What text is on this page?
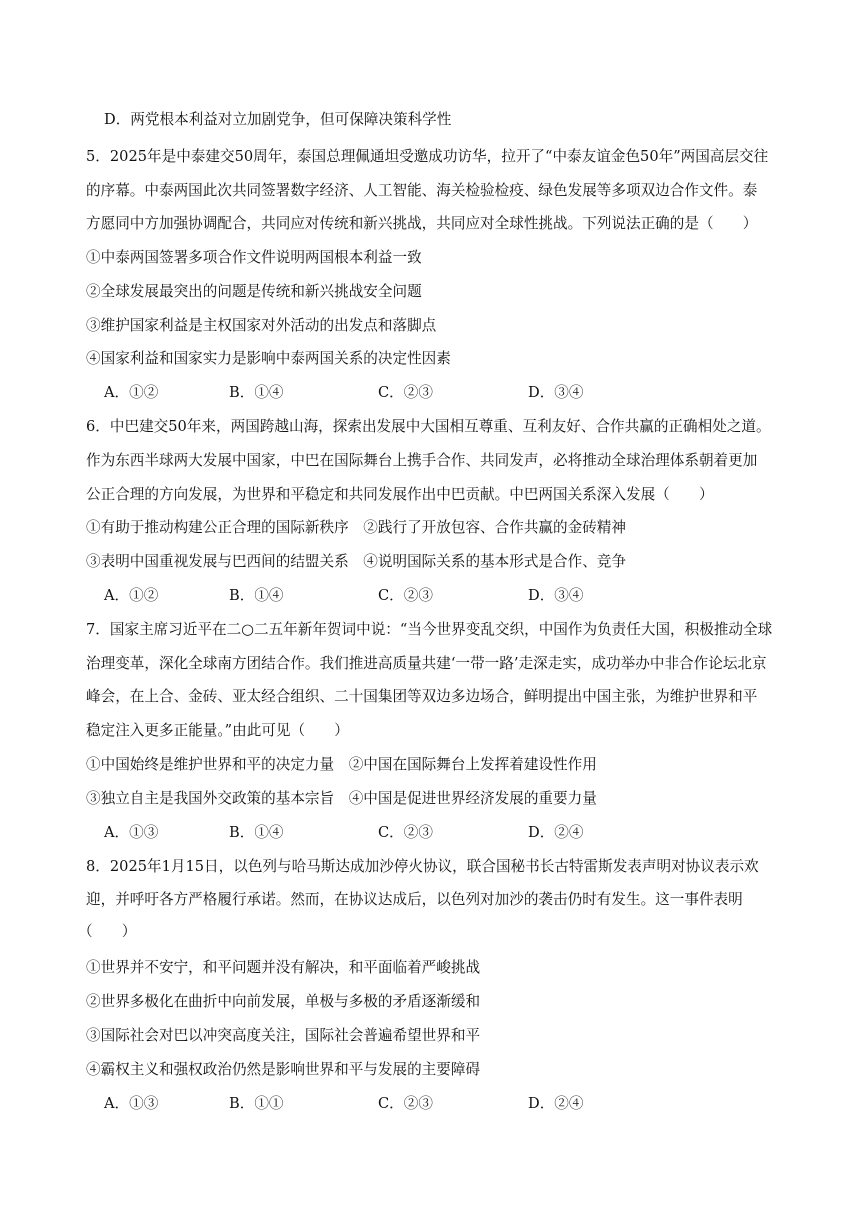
D．两党根本利益对立加剧党争，但可保障决策科学性
5．2025年是中泰建交50周年，泰国总理佩通坦受邀成功访华，拉开了“中泰友谊金色50年”两国高层交往
的序幕。中泰两国此次共同签署数字经济、人工智能、海关检验检疫、绿色发展等多项双边合作文件。泰
方愿同中方加强协调配合，共同应对传统和新兴挑战，共同应对全球性挑战。下列说法正确的是（　　）
①中泰两国签署多项合作文件说明两国根本利益一致
②全球发展最突出的问题是传统和新兴挑战安全问题
③维护国家利益是主权国家对外活动的出发点和落脚点
④国家利益和国家实力是影响中泰两国关系的决定性因素
A．①②	B．①④	C．②③	D．③④
6．中巴建交50年来，两国跨越山海，探索出发展中大国相互尊重、互利友好、合作共赢的正确相处之道。
作为东西半球两大发展中国家，中巴在国际舞台上携手合作、共同发声，必将推动全球治理体系朝着更加
公正合理的方向发展，为世界和平稳定和共同发展作出中巴贡献。中巴两国关系深入发展（　　）
①有助于推动构建公正合理的国际新秩序　②践行了开放包容、合作共赢的金砖精神
③表明中国重视发展与巴西间的结盟关系　④说明国际关系的基本形式是合作、竞争
A．①②	B．①④	C．②③	D．③④
7．国家主席习近平在二○二五年新年贺词中说：“当今世界变乱交织，中国作为负责任大国，积极推动全球
治理变革，深化全球南方团结合作。我们推进高质量共建‘一带一路’走深走实，成功举办中非合作论坛北京
峰会，在上合、金砖、亚太经合组织、二十国集团等双边多边场合，鲜明提出中国主张，为维护世界和平
稳定注入更多正能量。”由此可见（　　）
①中国始终是维护世界和平的决定力量　②中国在国际舞台上发挥着建设性作用
③独立自主是我国外交政策的基本宗旨　④中国是促进世界经济发展的重要力量
A．①③	B．①④	C．②③	D．②④
8．2025年1月15日，以色列与哈马斯达成加沙停火协议，联合国秘书长古特雷斯发表声明对协议表示欢
迎，并呼吁各方严格履行承诺。然而，在协议达成后，以色列对加沙的袭击仍时有发生。这一事件表明
（　　）
①世界并不安宁，和平问题并没有解决，和平面临着严峻挑战
②世界多极化在曲折中向前发展，单极与多极的矛盾逐渐缓和
③国际社会对巴以冲突高度关注，国际社会普遍希望世界和平
④霸权主义和强权政治仍然是影响世界和平与发展的主要障碍
A．①③	B．①①	C．②③	D．②④
